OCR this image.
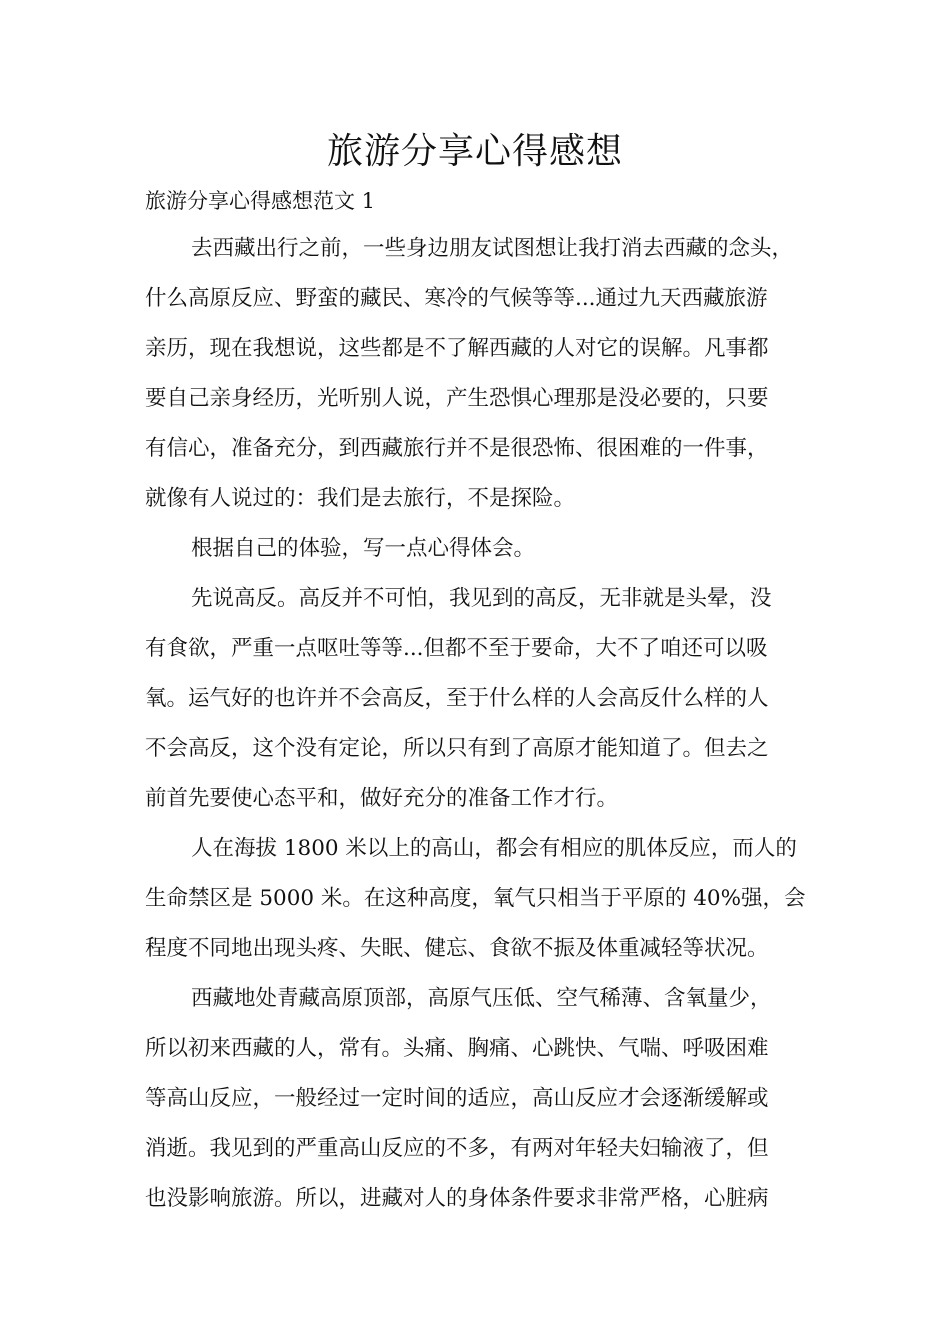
旅游分享心得感想

旅游分享心得感想范文 1

去西藏出行之前，一些身边朋友试图想让我打消去西藏的念头，

什么高原反应、野蛮的藏民、寒冷的气候等等...通过九天西藏旅游

亲历，现在我想说，这些都是不了解西藏的人对它的误解。凡事都

要自己亲身经历，光听别人说，产生恐惧心理那是没必要的，只要

有信心，准备充分，到西藏旅行并不是很恐怖、很困难的一件事，

就像有人说过的：我们是去旅行，不是探险。

根据自己的体验，写一点心得体会。

先说高反。高反并不可怕，我见到的高反，无非就是头晕，没

有食欲，严重一点呕吐等等...但都不至于要命，大不了咱还可以吸

氧。运气好的也许并不会高反，至于什么样的人会高反什么样的人

不会高反，这个没有定论，所以只有到了高原才能知道了。但去之

前首先要使心态平和，做好充分的准备工作才行。

人在海拔 1800 米以上的高山，都会有相应的肌体反应，而人的

生命禁区是 5000 米。在这种高度，氧气只相当于平原的 40%强，会

程度不同地出现头疼、失眠、健忘、食欲不振及体重减轻等状况。

西藏地处青藏高原顶部，高原气压低、空气稀薄、含氧量少，

所以初来西藏的人，常有。头痛、胸痛、心跳快、气喘、呼吸困难

等高山反应，一般经过一定时间的适应，高山反应才会逐渐缓解或

消逝。我见到的严重高山反应的不多，有两对年轻夫妇输液了，但

也没影响旅游。所以，进藏对人的身体条件要求非常严格，心脏病
